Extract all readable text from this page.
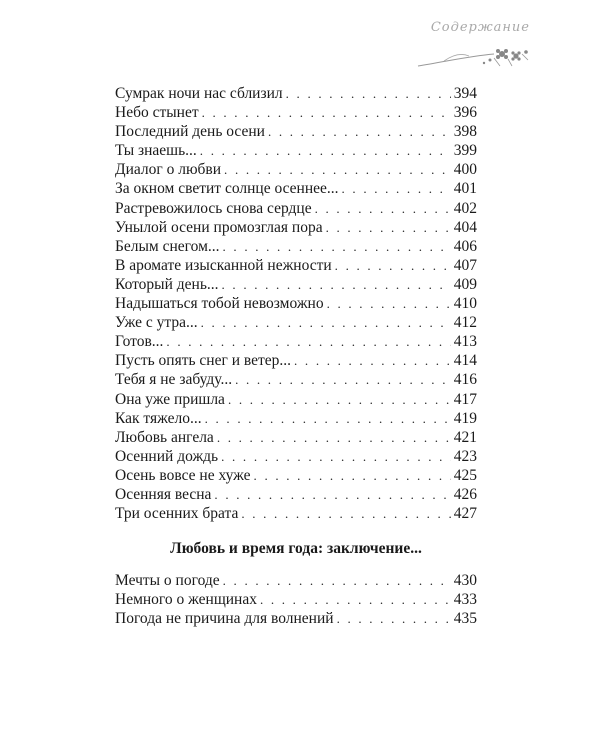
Содержание
Сумрак ночи нас сблизил . . .	394
Небо стынет . . .	396
Последний день осени . . .	398
Ты знаешь... . . .	399
Диалог о любви . . .	400
За окном светит солнце осеннее... . . .	401
Растревожилось снова сердце . . .	402
Унылой осени промозглая пора . . .	404
Белым снегом... . . .	406
В аромате изысканной нежности . . .	407
Который день... . . .	409
Надышаться тобой невозможно . . .	410
Уже с утра... . . .	412
Готов... . . .	413
Пусть опять снег и ветер... . . .	414
Тебя я не забуду... . . .	416
Она уже пришла . . .	417
Как тяжело... . . .	419
Любовь ангела . . .	421
Осенний дождь . . .	423
Осень вовсе не хуже . . .	425
Осенняя весна . . .	426
Три осенних брата . . .	427
Любовь и время года: заключение...
Мечты о погоде . . .	430
Немного о женщинах . . .	433
Погода не причина для волнений . . .	435
